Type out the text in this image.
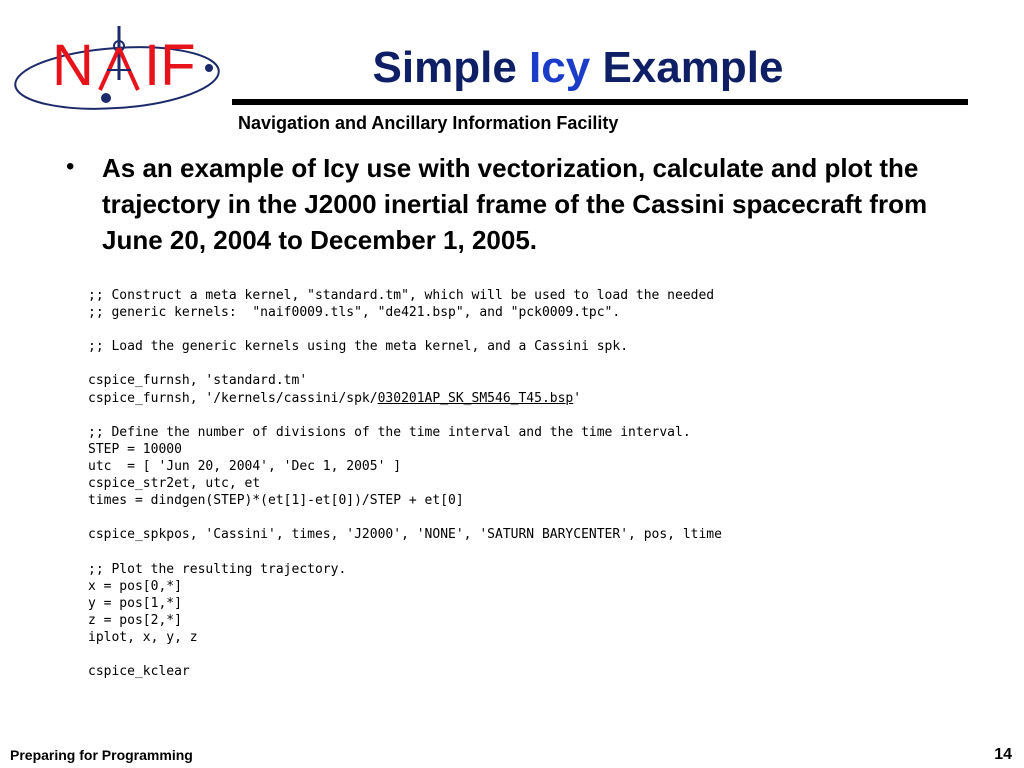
N IF	Simple Icy Example
Navigation and Ancillary Information Facility
• As an example of Icy use with vectorization, calculate and plot the trajectory in the J2000 inertial frame of the Cassini spacecraft from June 20, 2004 to December 1, 2005.

;; Construct a meta kernel, "standard.tm", which will be used to load the needed
;; generic kernels:  "naif0009.tls", "de421.bsp", and "pck0009.tpc".
;; Load the generic kernels using the meta kernel, and a Cassini spk.
cspice_furnsh, 'standard.tm'
cspice_furnsh, '/kernels/cassini/spk/030201AP_SK_SM546_T45.bsp'
;; Define the number of divisions of the time interval and the time interval.
STEP = 10000
utc  = [ 'Jun 20, 2004', 'Dec 1, 2005' ]
cspice_str2et, utc, et
times = dindgen(STEP)*(et[1]-et[0])/STEP + et[0]
cspice_spkpos, 'Cassini', times, 'J2000', 'NONE', 'SATURN BARYCENTER', pos, ltime
;; Plot the resulting trajectory.
x = pos[0,*]
y = pos[1,*]
z = pos[2,*]
iplot, x, y, z
cspice_kclear
Preparing for Programming	14
